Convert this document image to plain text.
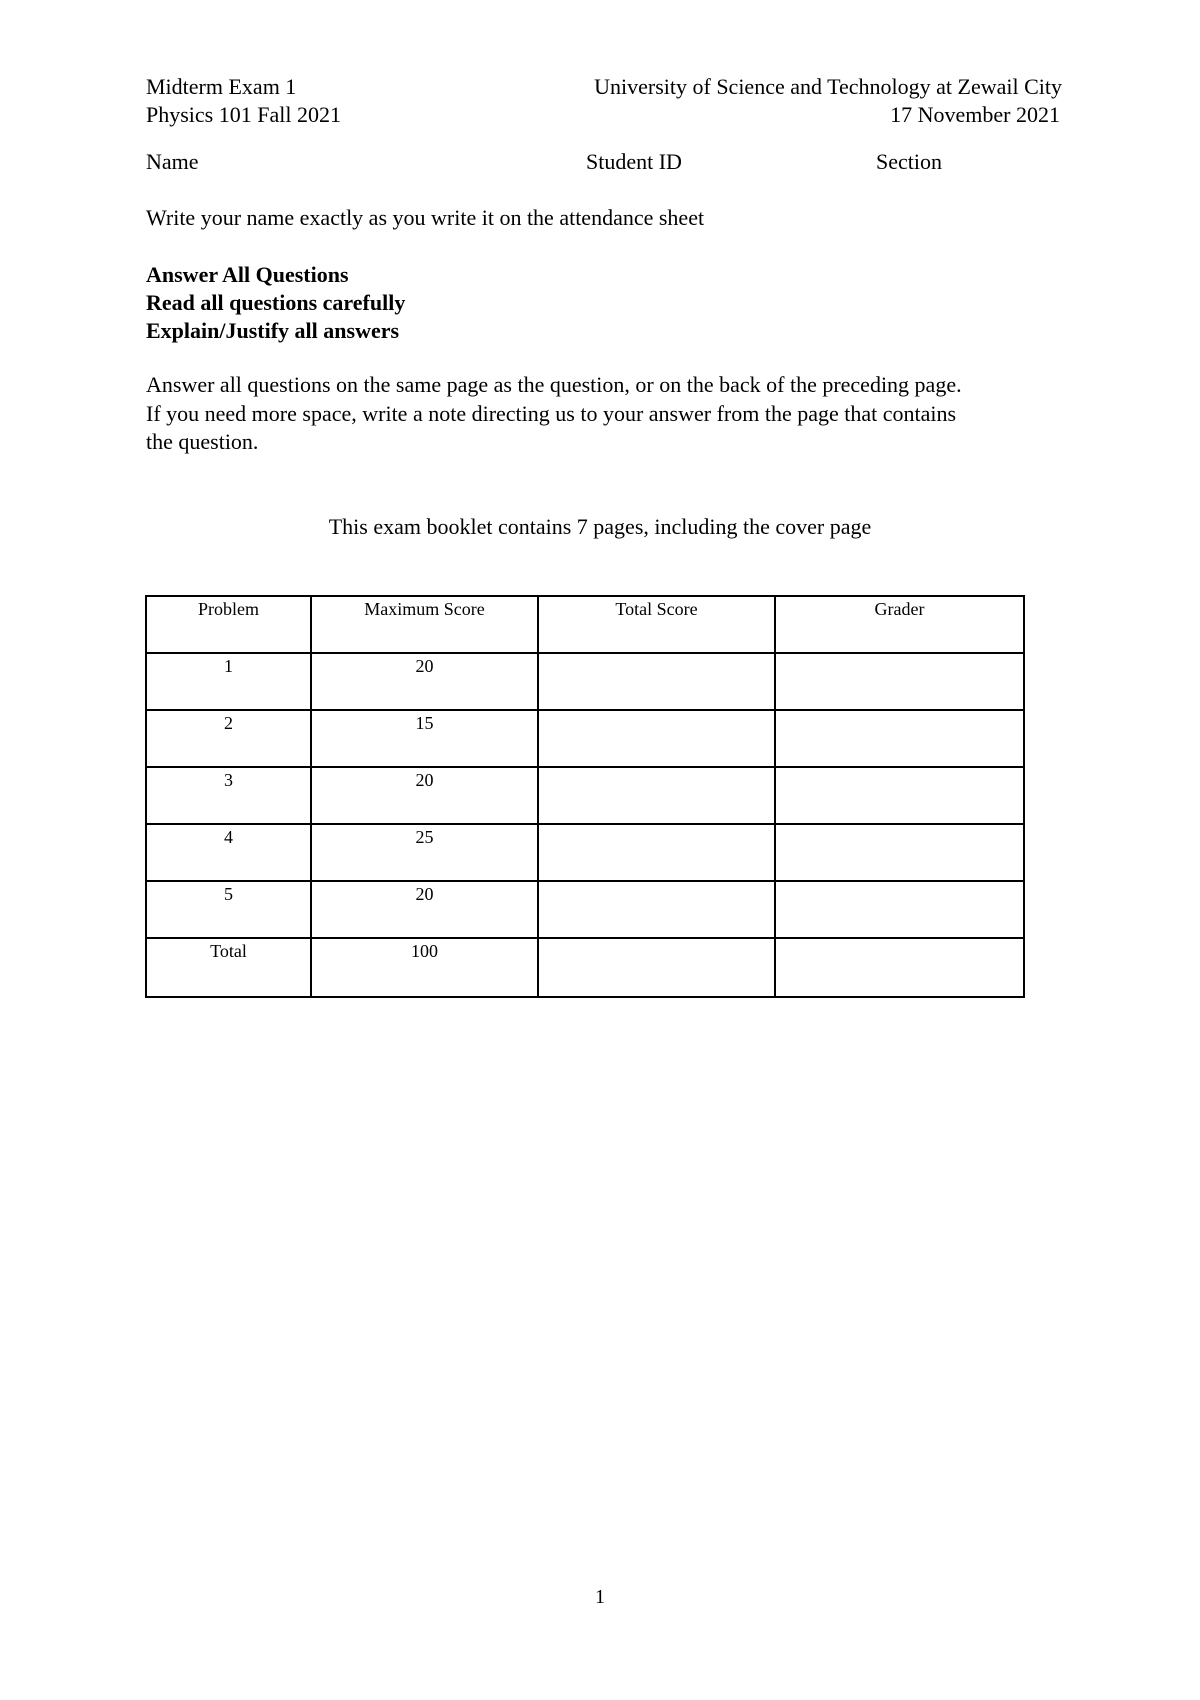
Midterm Exam 1
Physics 101 Fall 2021
University of Science and Technology at Zewail City
17 November 2021
Name	Student ID	Section
Write your name exactly as you write it on the attendance sheet
Answer All Questions
Read all questions carefully
Explain/Justify all answers
Answer all questions on the same page as the question, or on the back of the preceding page.
If you need more space, write a note directing us to your answer from the page that contains
the question.
This exam booklet contains 7 pages, including the cover page
Problem	Maximum Score	Total Score	Grader
1	20		
2	15		
3	20		
4	25		
5	20		
Total	100		
1
